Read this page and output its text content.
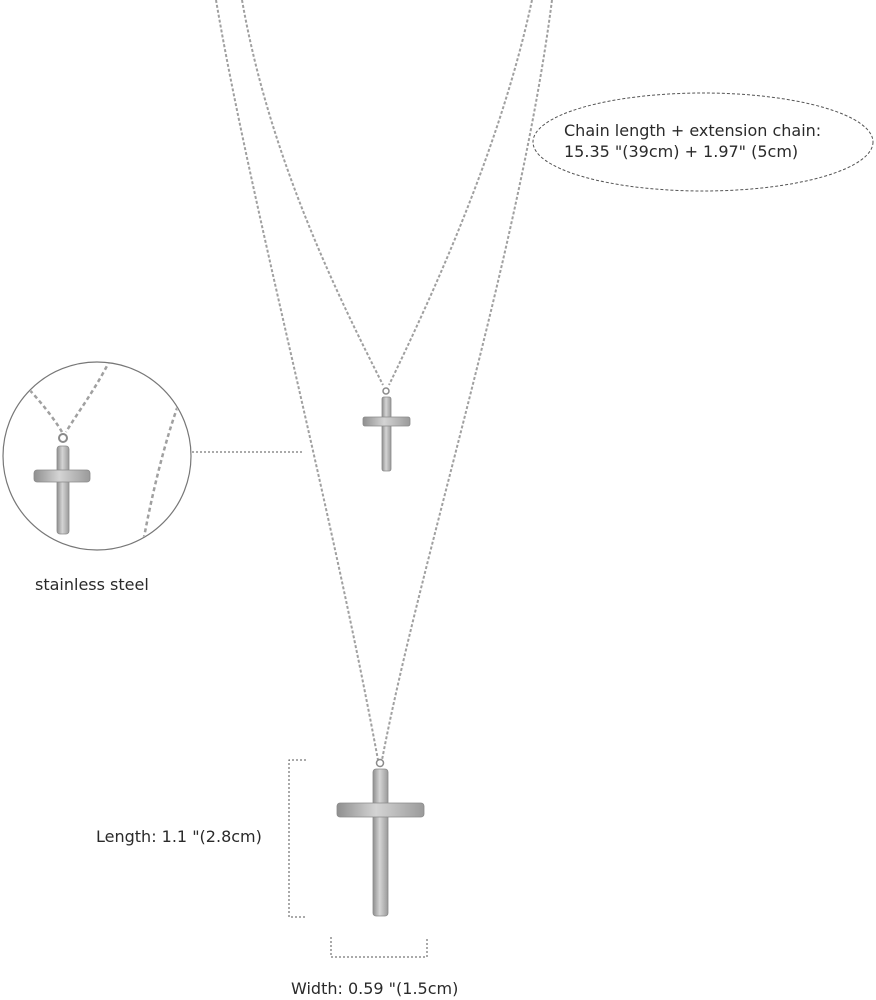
Chain length + extension chain:
15.35 "(39cm) + 1.97" (5cm)
stainless steel
Length: 1.1 "(2.8cm)
Width: 0.59 "(1.5cm)
